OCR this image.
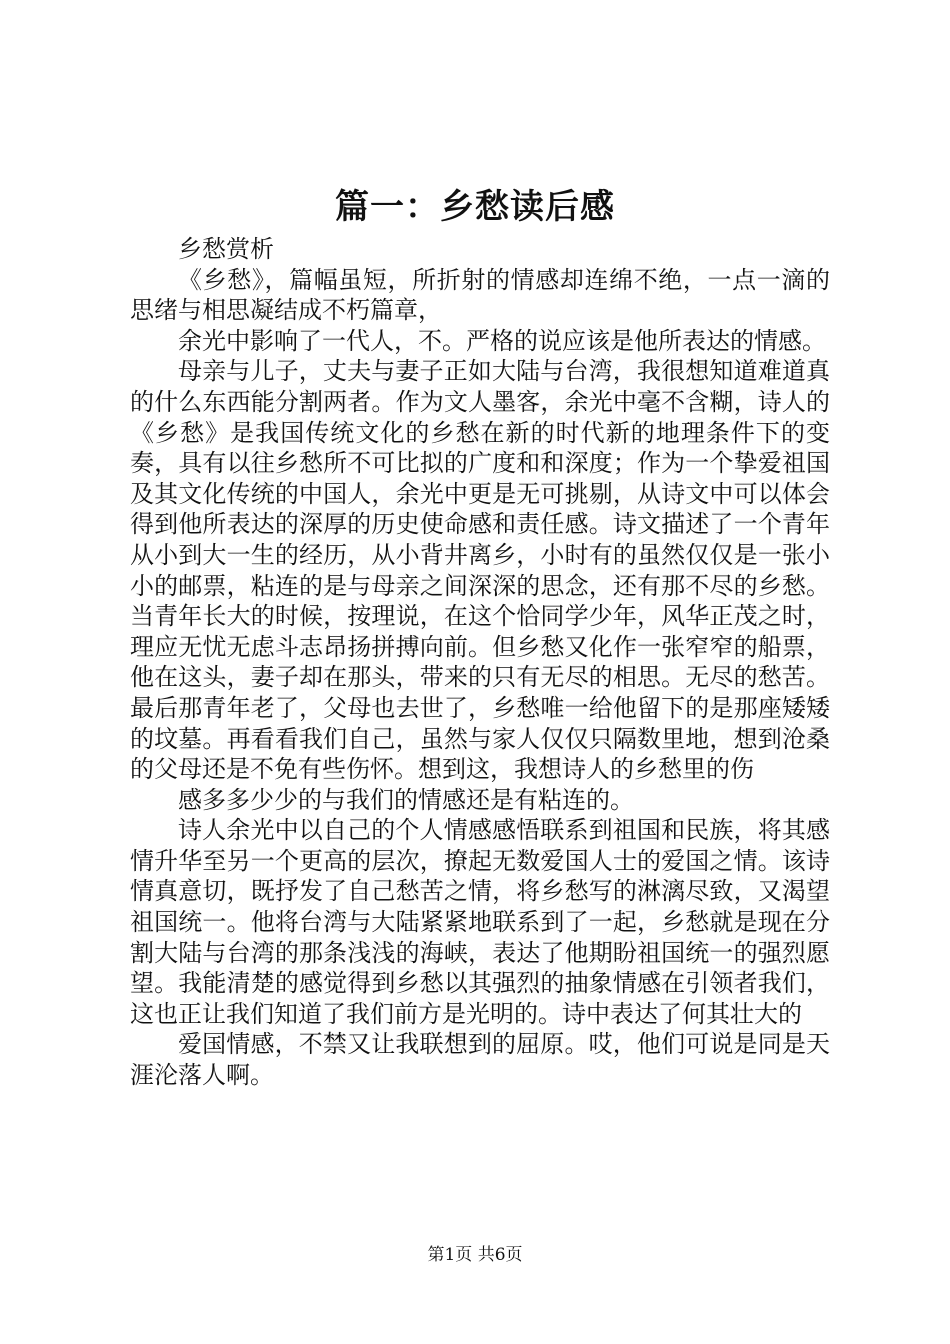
篇一：乡愁读后感

乡愁赏析

《乡愁》，篇幅虽短，所折射的情感却连绵不绝，一点一滴的思绪与相思凝结成不朽篇章，

余光中影响了一代人，不。严格的说应该是他所表达的情感。

母亲与儿子，丈夫与妻子正如大陆与台湾，我很想知道难道真的什么东西能分割两者。作为文人墨客，余光中毫不含糊，诗人的《乡愁》是我国传统文化的乡愁在新的时代新的地理条件下的变奏，具有以往乡愁所不可比拟的广度和和深度；作为一个挚爱祖国及其文化传统的中国人，余光中更是无可挑剔，从诗文中可以体会得到他所表达的深厚的历史使命感和责任感。诗文描述了一个青年从小到大一生的经历，从小背井离乡，小时有的虽然仅仅是一张小小的邮票，粘连的是与母亲之间深深的思念，还有那不尽的乡愁。当青年长大的时候，按理说，在这个恰同学少年，风华正茂之时，理应无忧无虑斗志昂扬拼搏向前。但乡愁又化作一张窄窄的船票，他在这头，妻子却在那头，带来的只有无尽的相思。无尽的愁苦。最后那青年老了，父母也去世了，乡愁唯一给他留下的是那座矮矮的坟墓。再看看我们自己，虽然与家人仅仅只隔数里地，想到沧桑的父母还是不免有些伤怀。想到这，我想诗人的乡愁里的伤

感多多少少的与我们的情感还是有粘连的。

诗人余光中以自己的个人情感感悟联系到祖国和民族，将其感情升华至另一个更高的层次，撩起无数爱国人士的爱国之情。该诗情真意切，既抒发了自己愁苦之情，将乡愁写的淋漓尽致，又渴望祖国统一。他将台湾与大陆紧紧地联系到了一起，乡愁就是现在分割大陆与台湾的那条浅浅的海峡，表达了他期盼祖国统一的强烈愿望。我能清楚的感觉得到乡愁以其强烈的抽象情感在引领者我们，这也正让我们知道了我们前方是光明的。诗中表达了何其壮大的

爱国情感，不禁又让我联想到的屈原。哎，他们可说是同是天涯沦落人啊。

第1页 共6页
